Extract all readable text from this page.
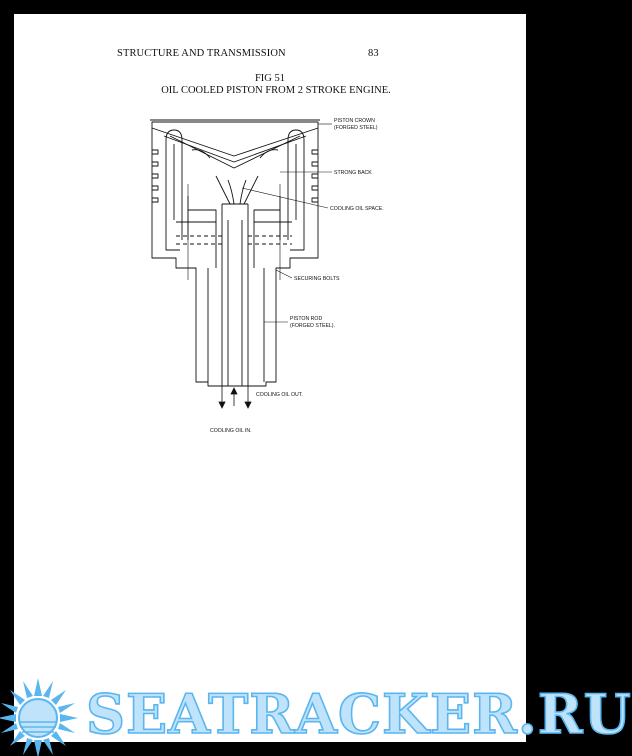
STRUCTURE AND TRANSMISSION	83
FIG 51
OIL COOLED PISTON FROM 2 STROKE ENGINE.
PISTON CROWN
(FORGED STEEL)
STRONG BACK
COOLING OIL SPACE.
SECURING BOLTS
PISTON ROD
(FORGED STEEL).
COOLING OIL OUT.
COOLING OIL IN.
SEATRACKER.RU
